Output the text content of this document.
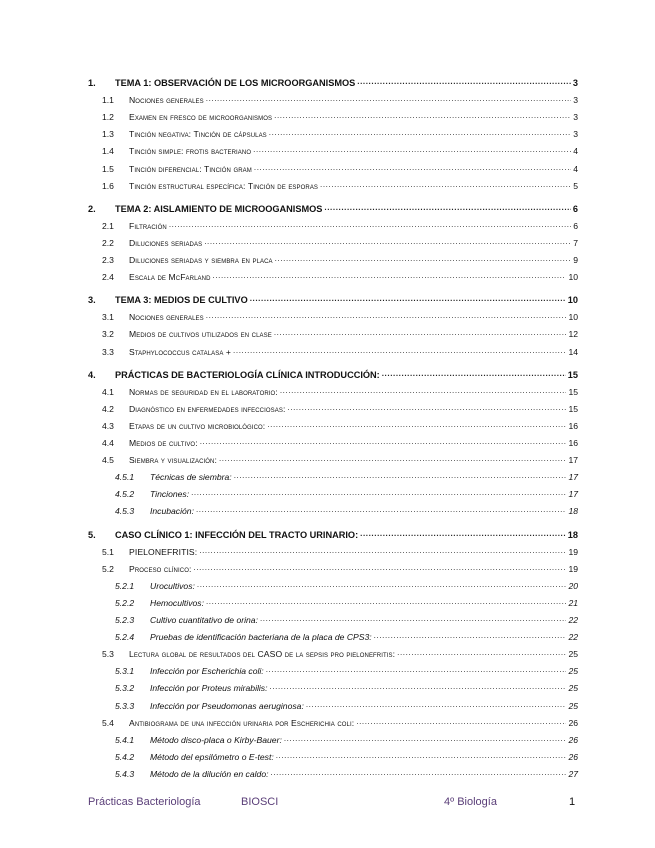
1.	TEMA 1: OBSERVACIÓN DE LOS MICROORGANISMOS .....	3
1.1	Nociones generales .....	3
1.2	Examen en fresco de microorganismos .....	3
1.3	Tinción negativa: Tinción de cápsulas .....	3
1.4	Tinción simple: frotis bacteriano .....	4
1.5	Tinción diferencial: Tinción gram .....	4
1.6	Tinción estructural específica: Tinción de esporas .....	5
2.	TEMA 2: AISLAMIENTO DE MICROOGANISMOS .....	6
2.1	Filtración .....	6
2.2	Diluciones seriadas .....	7
2.3	Diluciones seriadas y siembra en placa .....	9
2.4	Escala de McFarland .....	10
3.	TEMA 3: MEDIOS DE CULTIVO .....	10
3.1	Nociones generales .....	10
3.2	Medios de cultivos utilizados en clase .....	12
3.3	Staphylococcus catalasa + .....	14
4.	PRÁCTICAS DE BACTERIOLOGÍA CLÍNICA INTRODUCCIÓN: .....	15
4.1	Normas de seguridad en el laboratorio: .....	15
4.2	Diagnóstico en enfermedades infecciosas: .....	15
4.3	Etapas de un cultivo microbiológico: .....	16
4.4	Medios de cultivo: .....	16
4.5	Siembra y visualización: .....	17
4.5.1	Técnicas de siembra: .....	17
4.5.2	Tinciones: .....	17
4.5.3	Incubación: .....	18
5.	CASO CLÍNICO 1: INFECCIÓN DEL TRACTO URINARIO: .....	18
5.1	PIELONEFRITIS: .....	19
5.2	Proceso clínico: .....	19
5.2.1	Urocultivos: .....	20
5.2.2	Hemocultivos: .....	21
5.2.3	Cultivo cuantitativo de orina: .....	22
5.2.4	Pruebas de identificación bacteriana de la placa de CPS3: .....	22
5.3	Lectura global de resultados del CASO de la sepsis pro pielonefritis: .....	25
5.3.1	Infección por Escherichia coli: .....	25
5.3.2	Infección por Proteus mirabilis: .....	25
5.3.3	Infección por Pseudomonas aeruginosa: .....	25
5.4	Antibiograma de una infección urinaria por Escherichia coli: .....	26
5.4.1	Método disco-placa o Kirby-Bauer: .....	26
5.4.2	Método del epsilómetro o E-test: .....	26
5.4.3	Método de la dilución en caldo: .....	27
Prácticas Bacteriología	BIOSCI	4º Biología	1
